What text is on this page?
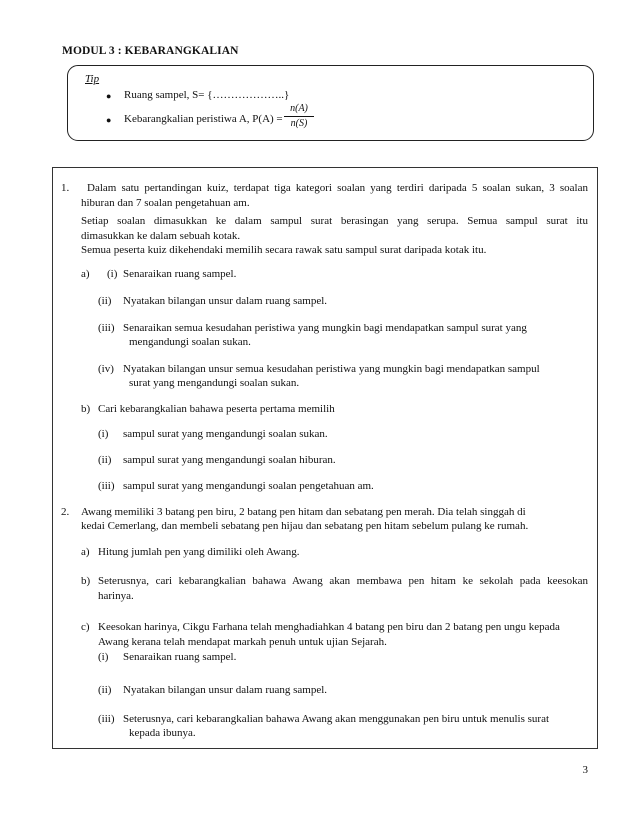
MODUL 3 : KEBARANGKALIAN
Tip
● Ruang sampel, S= {………………..}
● Kebarangkalian peristiwa A, P(A) =
n(A)
n(S)
1. Dalam satu pertandingan kuiz, terdapat tiga kategori soalan yang terdiri daripada 5 soalan sukan, 3 soalan
hiburan dan 7 soalan pengetahuan am.
Setiap soalan dimasukkan ke dalam sampul surat berasingan yang serupa. Semua sampul surat itu
dimasukkan ke dalam sebuah kotak.
Semua peserta kuiz dikehendaki memilih secara rawak satu sampul surat daripada kotak itu.
a) (i) Senaraikan ruang sampel.
(ii) Nyatakan bilangan unsur dalam ruang sampel.
(iii) Senaraikan semua kesudahan peristiwa yang mungkin bagi mendapatkan sampul surat yang
mengandungi soalan sukan.
(iv) Nyatakan bilangan unsur semua kesudahan peristiwa yang mungkin bagi mendapatkan sampul
surat yang mengandungi soalan sukan.
b) Cari kebarangkalian bahawa peserta pertama memilih
(i) sampul surat yang mengandungi soalan sukan.
(ii) sampul surat yang mengandungi soalan hiburan.
(iii) sampul surat yang mengandungi soalan pengetahuan am.
2. Awang memiliki 3 batang pen biru, 2 batang pen hitam dan sebatang pen merah. Dia telah singgah di
kedai Cemerlang, dan membeli sebatang pen hijau dan sebatang pen hitam sebelum pulang ke rumah.
a) Hitung jumlah pen yang dimiliki oleh Awang.
b) Seterusnya, cari kebarangkalian bahawa Awang akan membawa pen hitam ke sekolah pada keesokan
harinya.
c) Keesokan harinya, Cikgu Farhana telah menghadiahkan 4 batang pen biru dan 2 batang pen ungu kepada
Awang kerana telah mendapat markah penuh untuk ujian Sejarah.
(i) Senaraikan ruang sampel.
(ii) Nyatakan bilangan unsur dalam ruang sampel.
(iii) Seterusnya, cari kebarangkalian bahawa Awang akan menggunakan pen biru untuk menulis surat
kepada ibunya.
3
